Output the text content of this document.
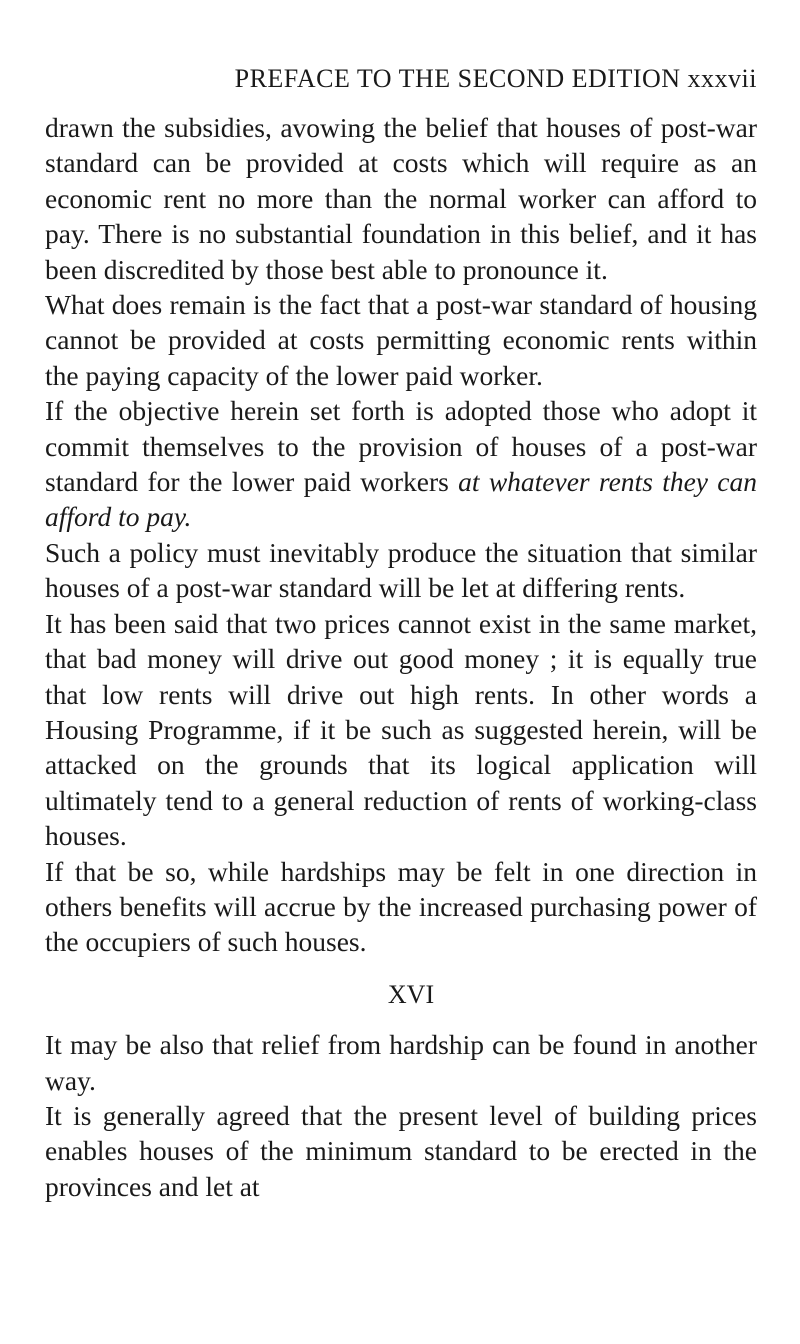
PREFACE TO THE SECOND EDITION xxxvii

drawn the subsidies, avowing the belief that houses of post-war standard can be provided at costs which will require as an economic rent no more than the normal worker can afford to pay. There is no substantial foundation in this belief, and it has been discredited by those best able to pronounce it.

What does remain is the fact that a post-war standard of housing cannot be provided at costs permitting economic rents within the paying capacity of the lower paid worker.

If the objective herein set forth is adopted those who adopt it commit themselves to the provision of houses of a post-war standard for the lower paid workers at whatever rents they can afford to pay.

Such a policy must inevitably produce the situation that similar houses of a post-war standard will be let at differing rents.

It has been said that two prices cannot exist in the same market, that bad money will drive out good money ; it is equally true that low rents will drive out high rents. In other words a Housing Programme, if it be such as suggested herein, will be attacked on the grounds that its logical application will ultimately tend to a general reduction of rents of working-class houses.

If that be so, while hardships may be felt in one direction in others benefits will accrue by the increased purchasing power of the occupiers of such houses.

XVI

It may be also that relief from hardship can be found in another way.

It is generally agreed that the present level of building prices enables houses of the minimum standard to be erected in the provinces and let at
